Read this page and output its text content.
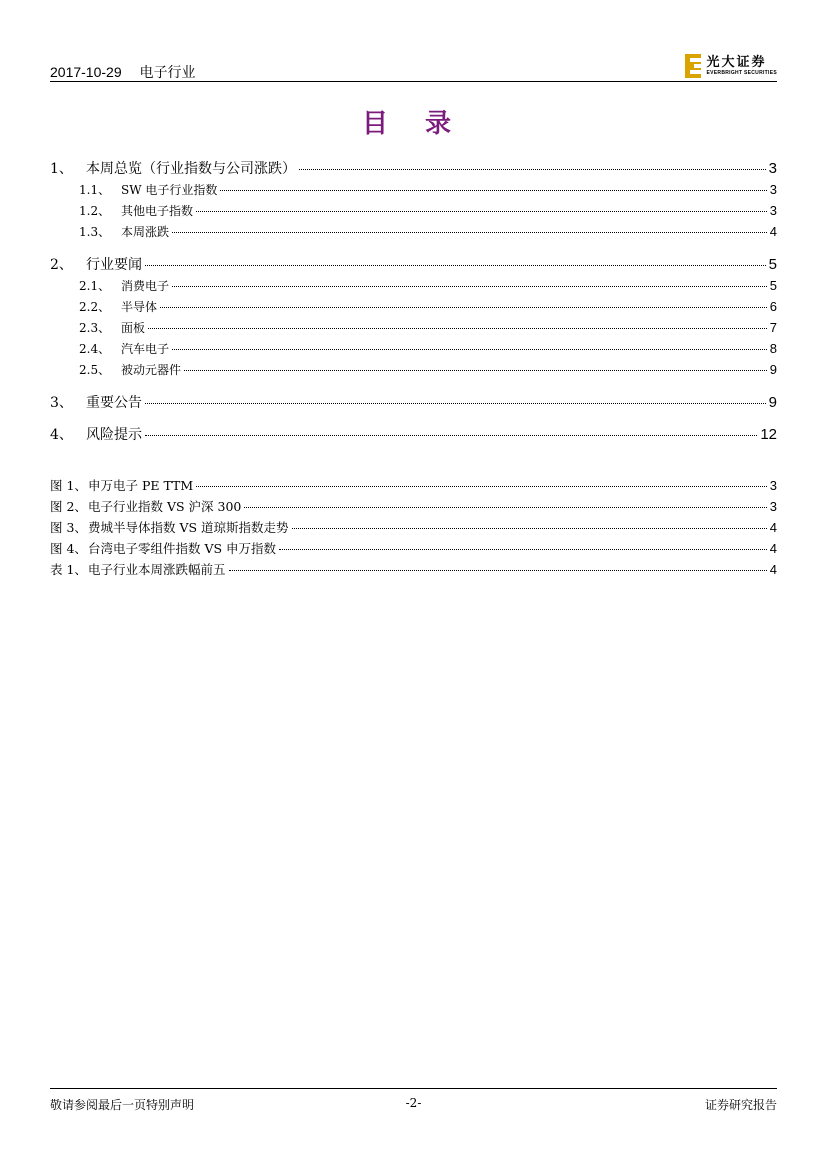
2017-10-29 电子行业
光大证券
EVERBRIGHT SECURITIES
目 录
1、 本周总览（行业指数与公司涨跌）	3
1.1、 SW 电子行业指数	3
1.2、 其他电子指数	3
1.3、 本周涨跌	4
2、 行业要闻	5
2.1、 消费电子	5
2.2、 半导体	6
2.3、 面板	7
2.4、 汽车电子	8
2.5、 被动元器件	9
3、 重要公告	9
4、 风险提示	12
图 1、 申万电子 PE TTM	3
图 2、 电子行业指数 VS 沪深 300	3
图 3、 费城半导体指数 VS 道琼斯指数走势	4
图 4、 台湾电子零组件指数 VS 申万指数	4
表 1、 电子行业本周涨跌幅前五	4
敬请参阅最后一页特别声明	-2-	证券研究报告
